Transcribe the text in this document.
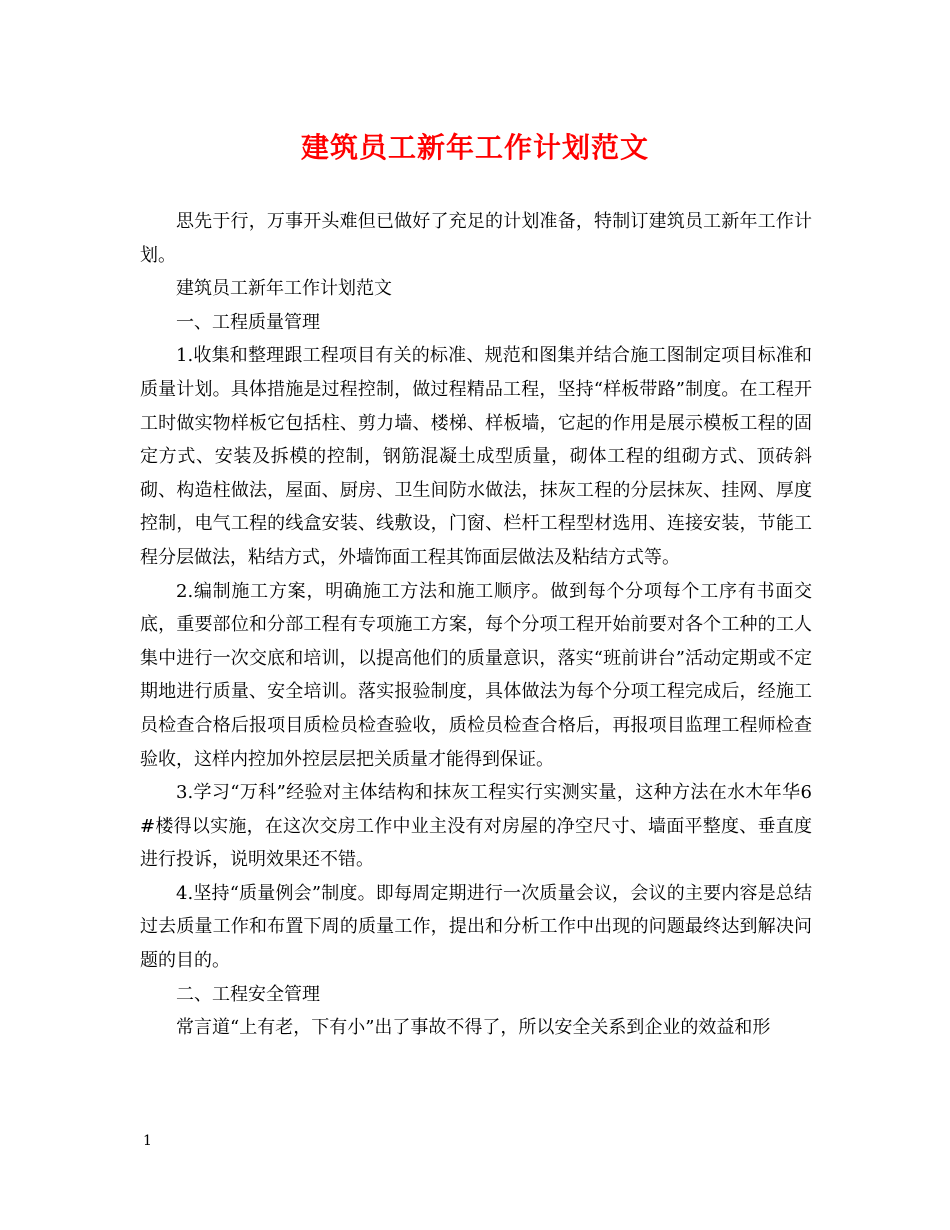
建筑员工新年工作计划范文

思先于行，万事开头难但已做好了充足的计划准备，特制订建筑员工新年工作计划。

建筑员工新年工作计划范文

一、工程质量管理

1.收集和整理跟工程项目有关的标准、规范和图集并结合施工图制定项目标准和质量计划。具体措施是过程控制，做过程精品工程，坚持“样板带路”制度。在工程开工时做实物样板它包括柱、剪力墙、楼梯、样板墙，它起的作用是展示模板工程的固定方式、安装及拆模的控制，钢筋混凝土成型质量，砌体工程的组砌方式、顶砖斜砌、构造柱做法，屋面、厨房、卫生间防水做法，抹灰工程的分层抹灰、挂网、厚度控制，电气工程的线盒安装、线敷设，门窗、栏杆工程型材选用、连接安装，节能工程分层做法，粘结方式，外墙饰面工程其饰面层做法及粘结方式等。

2.编制施工方案，明确施工方法和施工顺序。做到每个分项每个工序有书面交底，重要部位和分部工程有专项施工方案，每个分项工程开始前要对各个工种的工人集中进行一次交底和培训，以提高他们的质量意识，落实“班前讲台”活动定期或不定期地进行质量、安全培训。落实报验制度，具体做法为每个分项工程完成后，经施工员检查合格后报项目质检员检查验收，质检员检查合格后，再报项目监理工程师检查验收，这样内控加外控层层把关质量才能得到保证。

3.学习“万科”经验对主体结构和抹灰工程实行实测实量，这种方法在水木年华6#楼得以实施，在这次交房工作中业主没有对房屋的净空尺寸、墙面平整度、垂直度进行投诉，说明效果还不错。

4.坚持“质量例会”制度。即每周定期进行一次质量会议，会议的主要内容是总结过去质量工作和布置下周的质量工作，提出和分析工作中出现的问题最终达到解决问题的目的。

二、工程安全管理

常言道“上有老，下有小”出了事故不得了，所以安全关系到企业的效益和形

1
